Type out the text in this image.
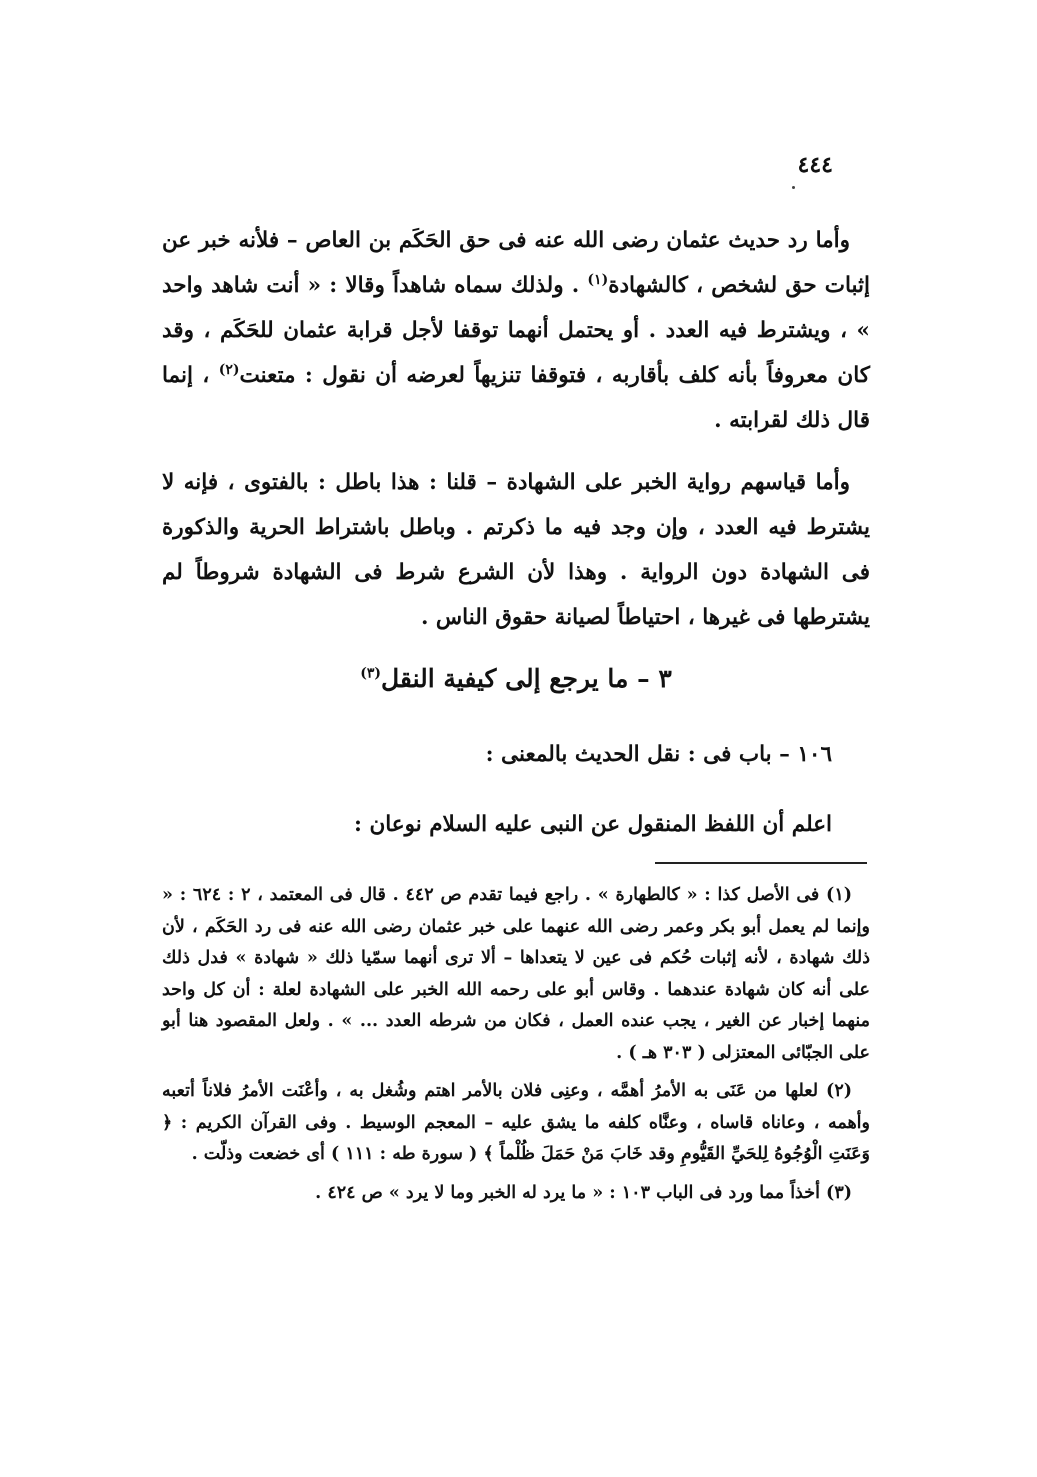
٤٤٤

وأما رد حديث عثمان رضى الله عنه فى حق الحَكَم بن العاص – فلأنه خبر عن إثبات حق لشخص ، كالشهادة$^{(١)}$ . ولذلك سماه شاهداً وقالا : « أنت شاهد واحد » ، ويشترط فيه العدد . أو يحتمل أنهما توقفا لأجل قرابة عثمان للحَكَم ، وقد كان معروفاً بأنه كلف بأقاربه ، فتوقفا تنزيهاً لعرضه أن نقول : متعنت$^{(٢)}$ ، إنما قال ذلك لقرابته .

وأما قياسهم رواية الخبر على الشهادة – قلنا : هذا باطل : بالفتوى ، فإنه لا يشترط فيه العدد ، وإن وجد فيه ما ذكرتم . وباطل باشتراط الحرية والذكورة فى الشهادة دون الرواية . وهذا لأن الشرع شرط فى الشهادة شروطاً لم يشترطها فى غيرها ، احتياطاً لصيانة حقوق الناس .

٣ – ما يرجع إلى كيفية النقل$^{(٣)}$
١٠٦ – باب فى : نقل الحديث بالمعنى :
اعلم أن اللفظ المنقول عن النبى عليه السلام نوعان :

(١) فى الأصل كذا : « كالطهارة » . راجع فيما تقدم ص ٤٤٢ . قال فى المعتمد ، ٢ : ٦٢٤ : « وإنما لم يعمل أبو بكر وعمر رضى الله عنهما على خبر عثمان رضى الله عنه فى رد الحَكَم ، لأن ذلك شهادة ، لأنه إثبات حُكم فى عين لا يتعداها – ألا ترى أنهما سمّيا ذلك « شهادة » فدل ذلك على أنه كان شهادة عندهما . وقاس أبو على رحمه الله الخبر على الشهادة لعلة : أن كل واحد منهما إخبار عن الغير ، يجب عنده العمل ، فكان من شرطه العدد ... » . ولعل المقصود هنا أبو على الجبّائى المعتزلى ( ٣٠٣ هـ ) .

(٢) لعلها من عَنَى به الأمرُ أهمَّه ، وعنِى فلان بالأمر اهتم وشُغل به ، وأعْنَت الأمرُ فلاناً أتعبه وأهمه ، وعاناه قاساه ، وعنَّاه كلفه ما يشق عليه – المعجم الوسيط . وفى القرآن الكريم : ﴿ وَعَنَتِ الْوُجُوهُ لِلحَيِّ القَيُّومِ وقد خَابَ مَنْ حَمَلَ ظُلْماً ﴾ ( سورة طه : ١١١ ) أى خضعت وذلّت .

(٣) أخذاً مما ورد فى الباب ١٠٣ : « ما يرد له الخبر وما لا يرد » ص ٤٢٤ .
